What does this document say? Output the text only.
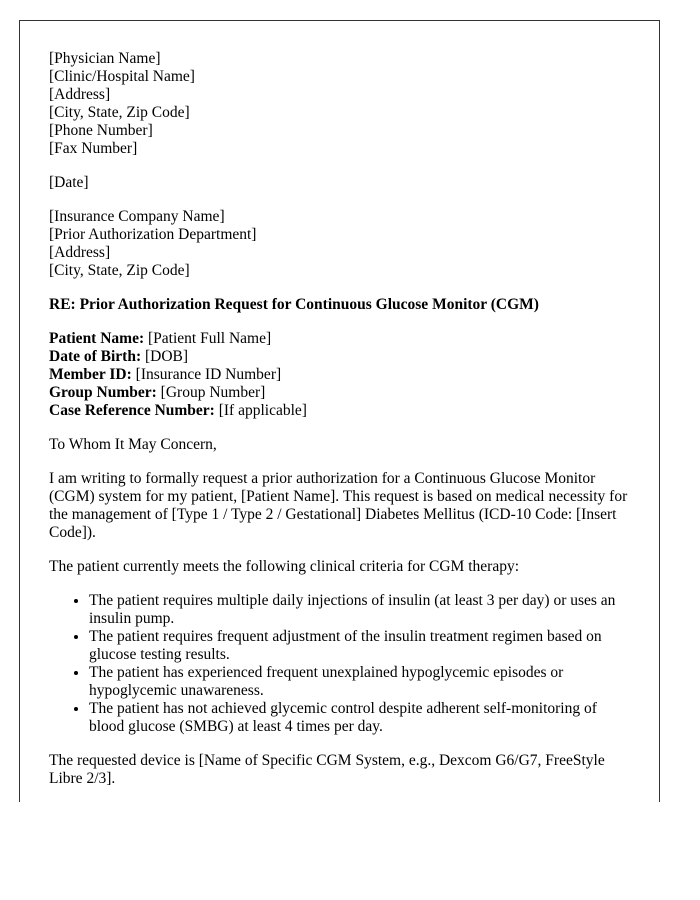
[Physician Name]
[Clinic/Hospital Name]
[Address]
[City, State, Zip Code]
[Phone Number]
[Fax Number]

[Date]

[Insurance Company Name]
[Prior Authorization Department]
[Address]
[City, State, Zip Code]

RE: Prior Authorization Request for Continuous Glucose Monitor (CGM)

Patient Name: [Patient Full Name]
Date of Birth: [DOB]
Member ID: [Insurance ID Number]
Group Number: [Group Number]
Case Reference Number: [If applicable]

To Whom It May Concern,

I am writing to formally request a prior authorization for a Continuous Glucose Monitor (CGM) system for my patient, [Patient Name]. This request is based on medical necessity for the management of [Type 1 / Type 2 / Gestational] Diabetes Mellitus (ICD-10 Code: [Insert Code]).

The patient currently meets the following clinical criteria for CGM therapy:

• The patient requires multiple daily injections of insulin (at least 3 per day) or uses an insulin pump.
• The patient requires frequent adjustment of the insulin treatment regimen based on glucose testing results.
• The patient has experienced frequent unexplained hypoglycemic episodes or hypoglycemic unawareness.
• The patient has not achieved glycemic control despite adherent self-monitoring of blood glucose (SMBG) at least 4 times per day.

The requested device is [Name of Specific CGM System, e.g., Dexcom G6/G7, FreeStyle Libre 2/3].
